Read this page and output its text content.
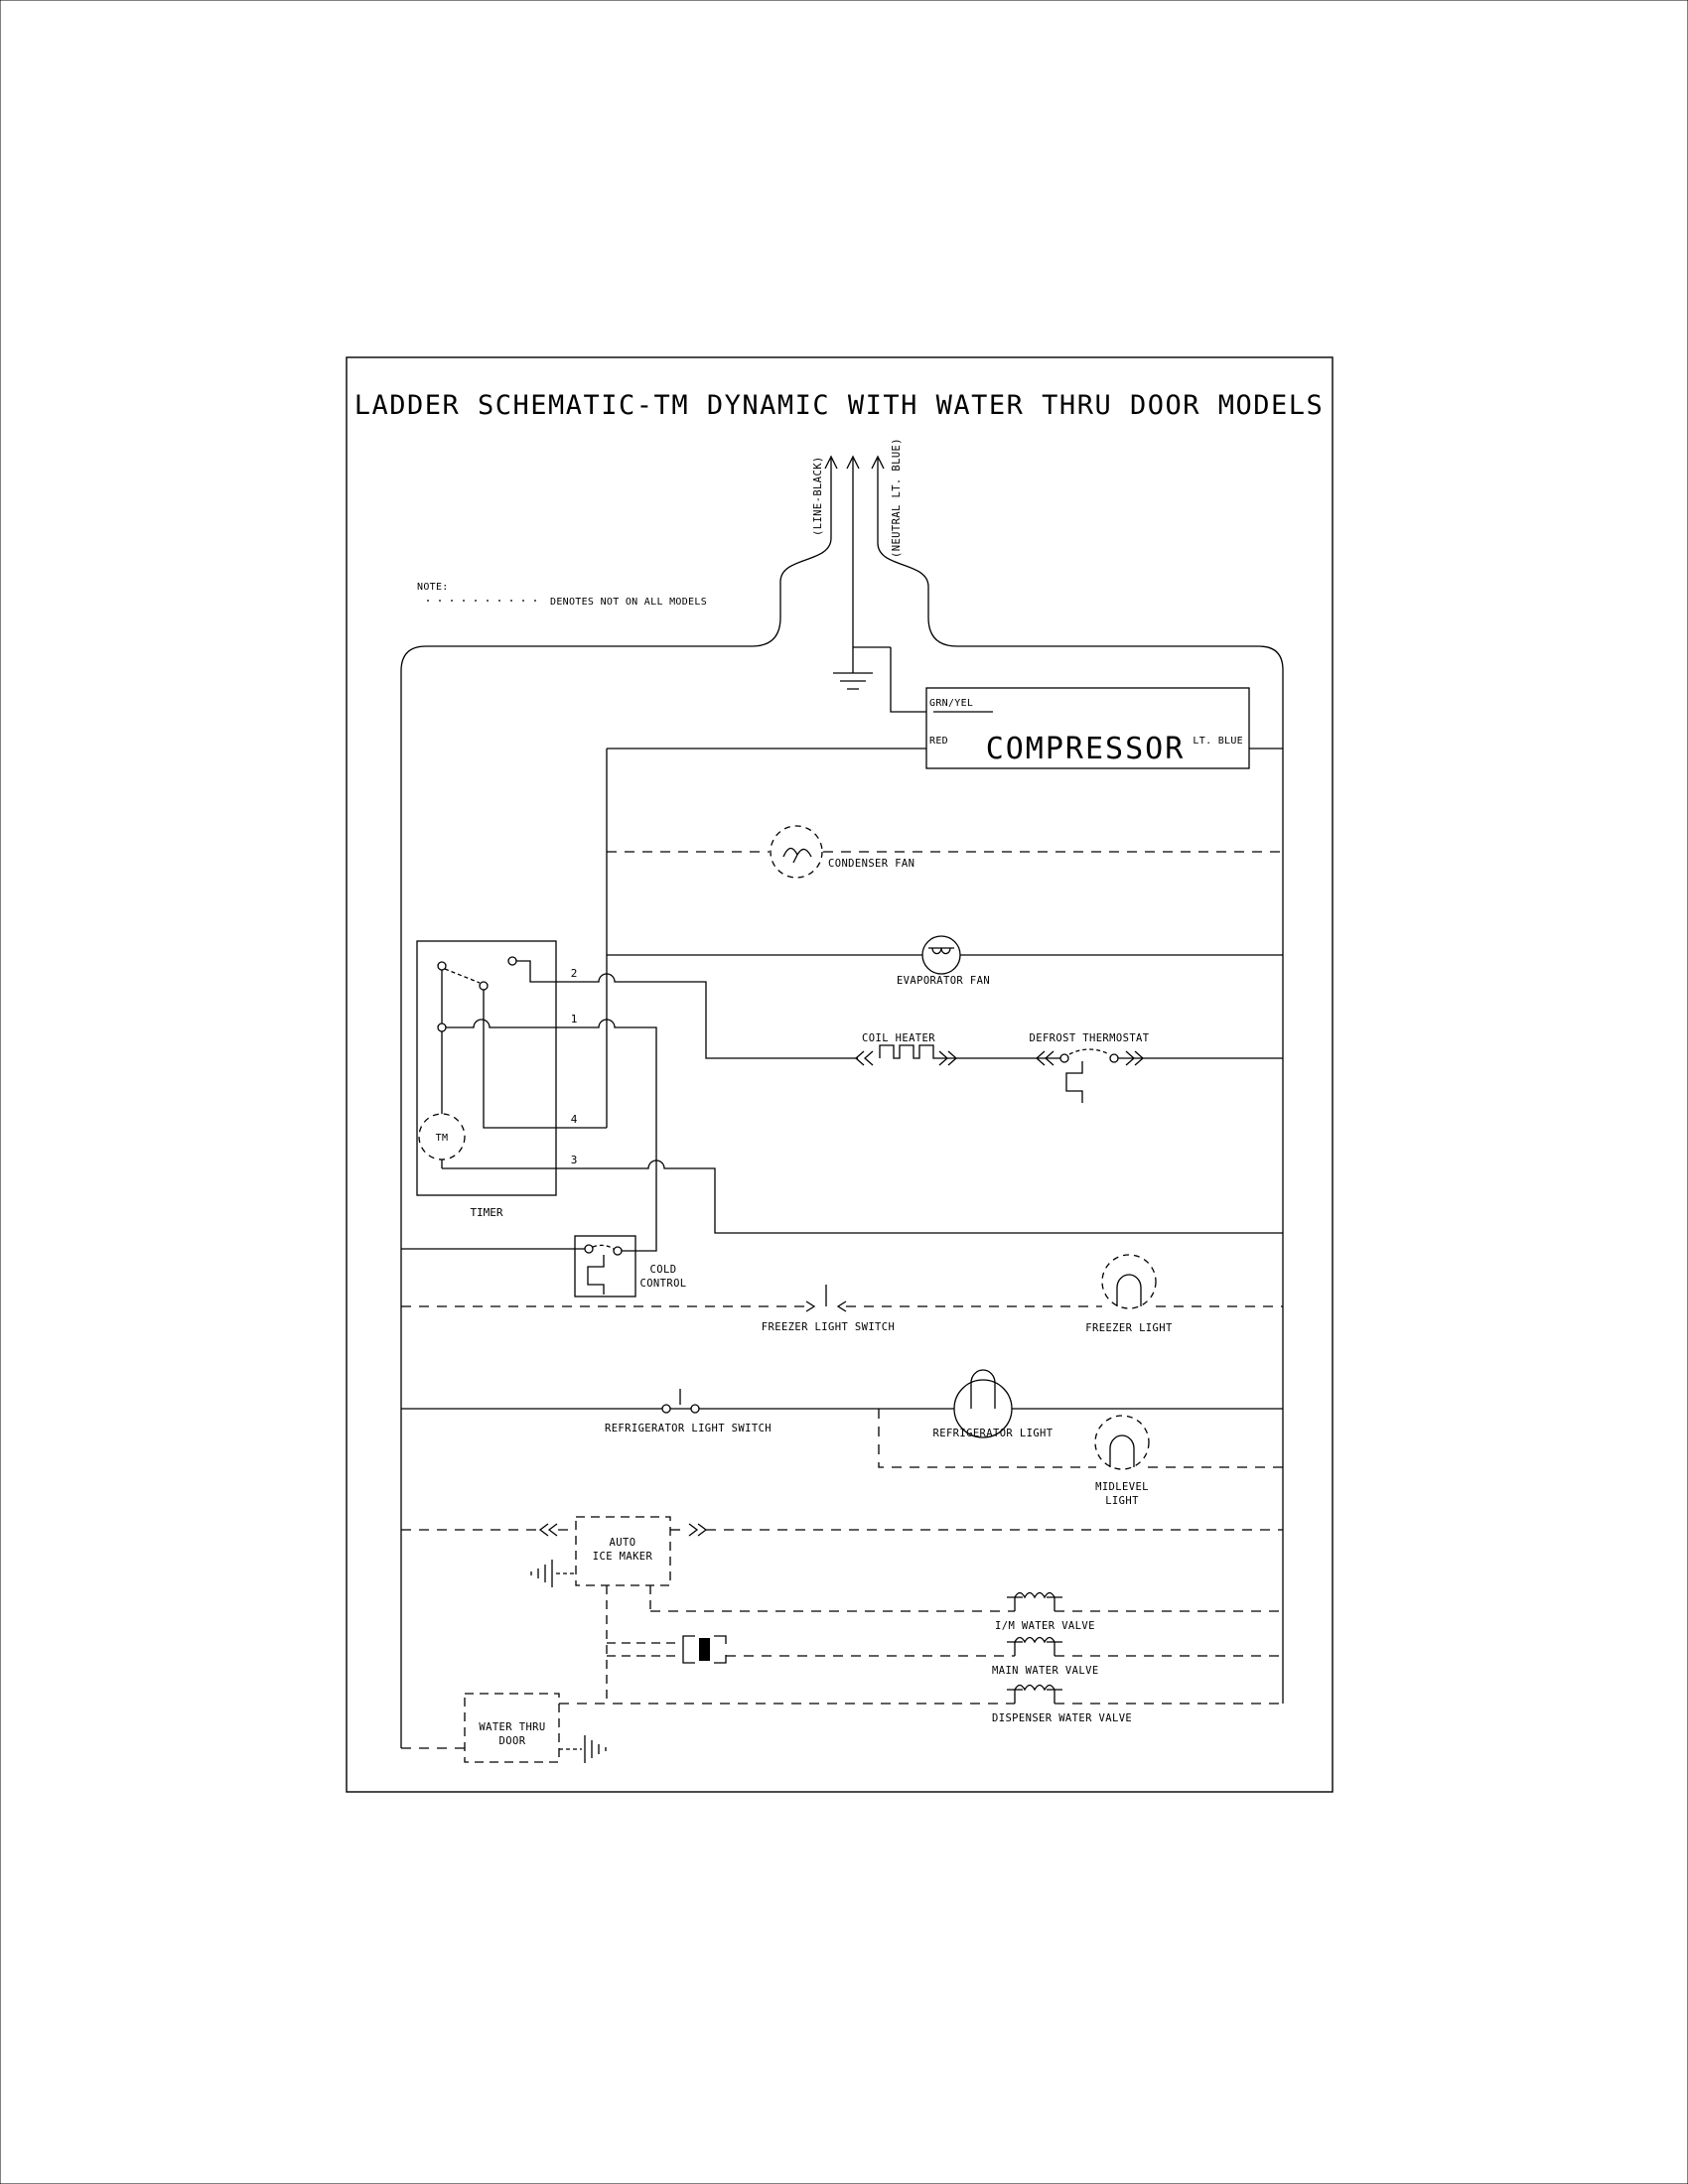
LADDER SCHEMATIC-TM DYNAMIC WITH WATER THRU DOOR MODELS
NOTE:
DENOTES NOT ON ALL MODELS
(LINE-BLACK)	(NEUTRAL LT. BLUE)
GRN/YEL
RED	LT. BLUE
COMPRESSOR
CONDENSER FAN
EVAPORATOR FAN
TIMER
TM
2
1
4
3
COIL HEATER	DEFROST THERMOSTAT
COLD
CONTROL
FREEZER LIGHT SWITCH	FREEZER LIGHT
REFRIGERATOR LIGHT SWITCH	REFRIGERATOR LIGHT
MIDLEVEL
LIGHT
AUTO
ICE MAKER
I/M WATER VALVE
MAIN WATER VALVE
DISPENSER WATER VALVE
WATER THRU
DOOR
